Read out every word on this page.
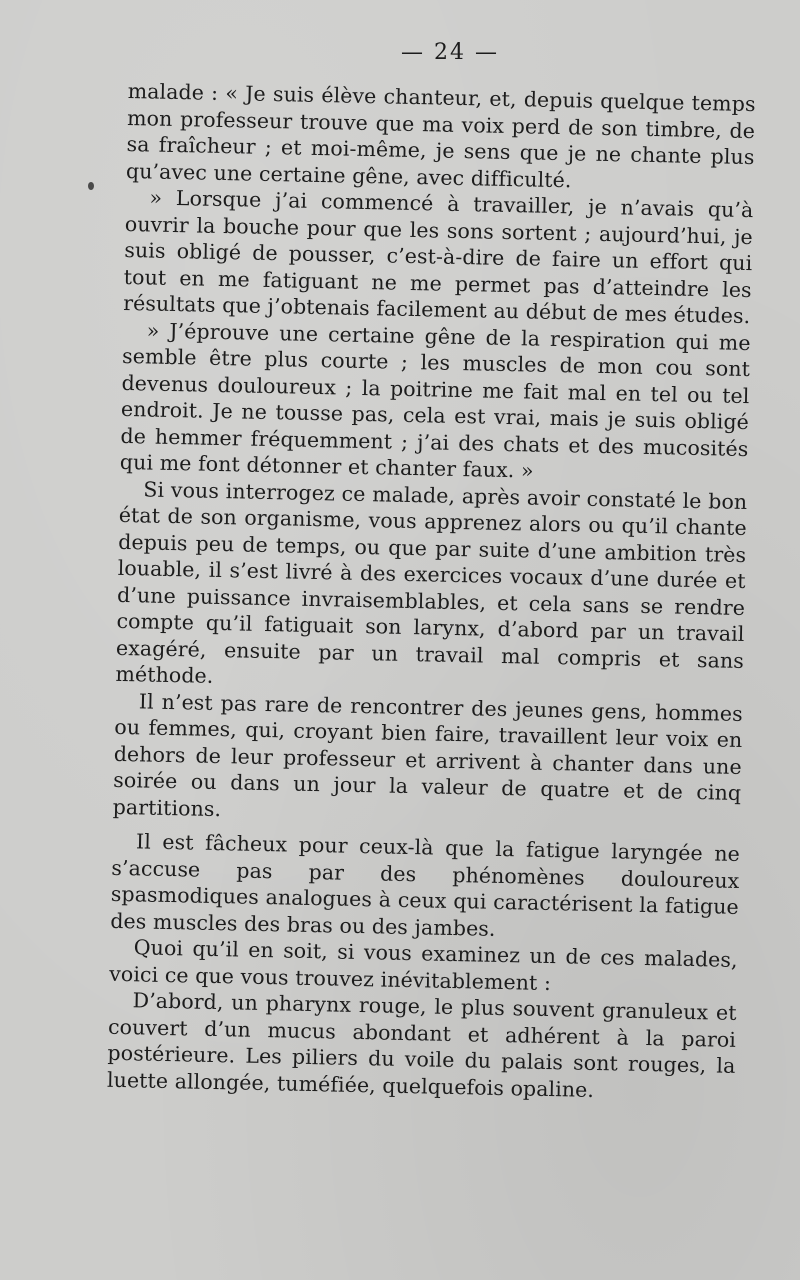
— 24 —

malade : « Je suis élève chanteur, et, depuis quelque temps mon professeur trouve que ma voix perd de son timbre, de sa fraîcheur ; et moi-même, je sens que je ne chante plus qu’avec une certaine gêne, avec difficulté.

» Lorsque j’ai commencé à travailler, je n’avais qu’à ouvrir la bouche pour que les sons sortent ; aujourd’hui, je suis obligé de pousser, c’est-à-dire de faire un effort qui tout en me fatiguant ne me permet pas d’atteindre les résultats que j’obtenais facilement au début de mes études.

» J’éprouve une certaine gêne de la respiration qui me semble être plus courte ; les muscles de mon cou sont devenus douloureux ; la poitrine me fait mal en tel ou tel endroit. Je ne tousse pas, cela est vrai, mais je suis obligé de hemmer fréquemment ; j’ai des chats et des mucosités qui me font détonner et chanter faux. »

Si vous interrogez ce malade, après avoir constaté le bon état de son organisme, vous apprenez alors ou qu’il chante depuis peu de temps, ou que par suite d’une ambition très louable, il s’est livré à des exercices vocaux d’une durée et d’une puissance invraisemblables, et cela sans se rendre compte qu’il fatiguait son larynx, d’abord par un travail exagéré, ensuite par un travail mal compris et sans méthode.

Il n’est pas rare de rencontrer des jeunes gens, hommes ou femmes, qui, croyant bien faire, travaillent leur voix en dehors de leur professeur et arrivent à chanter dans une soirée ou dans un jour la valeur de quatre et de cinq partitions.

Il est fâcheux pour ceux-là que la fatigue laryngée ne s’accuse pas par des phénomènes douloureux spasmodiques analogues à ceux qui caractérisent la fatigue des muscles des bras ou des jambes.

Quoi qu’il en soit, si vous examinez un de ces malades, voici ce que vous trouvez inévitablement :

D’abord, un pharynx rouge, le plus souvent granuleux et couvert d’un mucus abondant et adhérent à la paroi postérieure. Les piliers du voile du palais sont rouges, la luette allongée, tuméfiée, quelquefois opaline.
